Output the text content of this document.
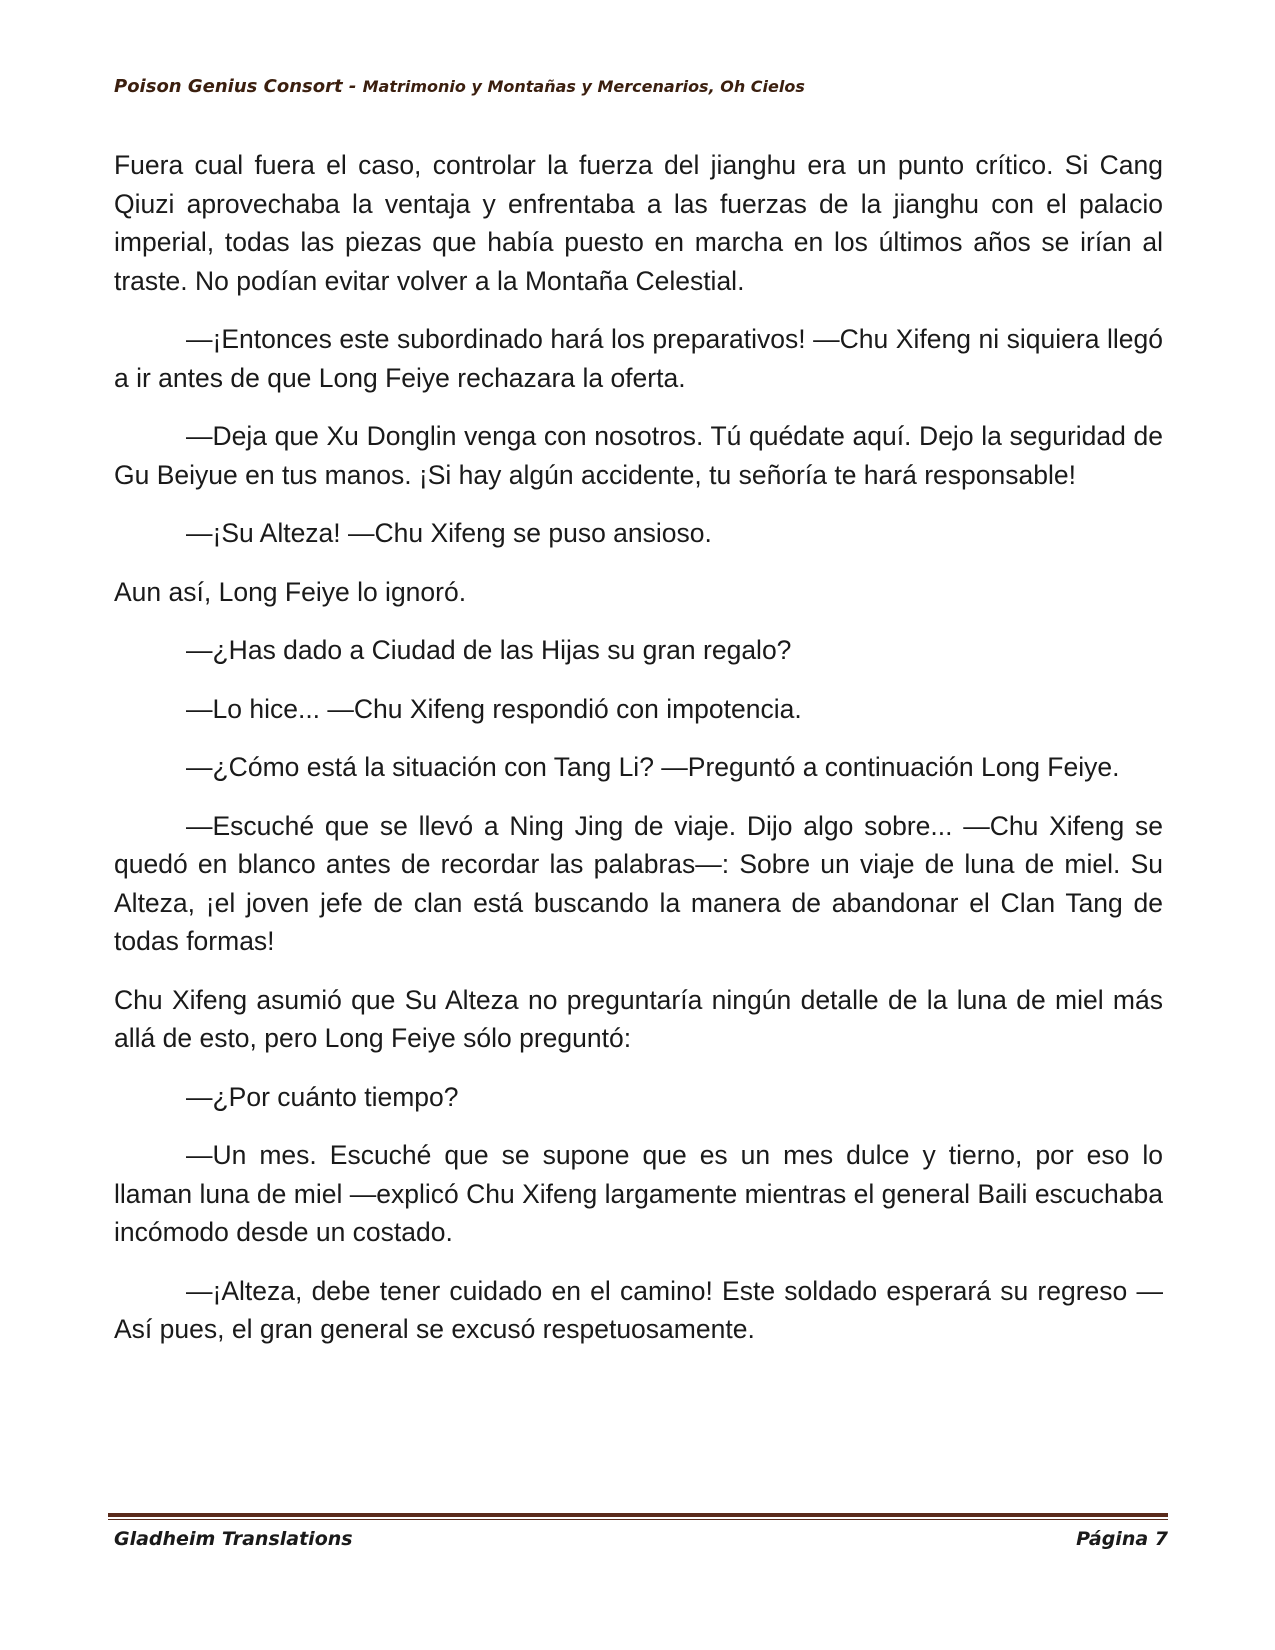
Poison Genius Consort - Matrimonio y Montañas y Mercenarios, Oh Cielos

Fuera cual fuera el caso, controlar la fuerza del jianghu era un punto crítico. Si Cang Qiuzi aprovechaba la ventaja y enfrentaba a las fuerzas de la jianghu con el palacio imperial, todas las piezas que había puesto en marcha en los últimos años se irían al traste. No podían evitar volver a la Montaña Celestial.

—¡Entonces este subordinado hará los preparativos! —Chu Xifeng ni siquiera llegó a ir antes de que Long Feiye rechazara la oferta.

—Deja que Xu Donglin venga con nosotros. Tú quédate aquí. Dejo la seguridad de Gu Beiyue en tus manos. ¡Si hay algún accidente, tu señoría te hará responsable!

—¡Su Alteza! —Chu Xifeng se puso ansioso.

Aun así, Long Feiye lo ignoró.

—¿Has dado a Ciudad de las Hijas su gran regalo?

—Lo hice... —Chu Xifeng respondió con impotencia.

—¿Cómo está la situación con Tang Li? —Preguntó a continuación Long Feiye.

—Escuché que se llevó a Ning Jing de viaje. Dijo algo sobre... —Chu Xifeng se quedó en blanco antes de recordar las palabras—: Sobre un viaje de luna de miel. Su Alteza, ¡el joven jefe de clan está buscando la manera de abandonar el Clan Tang de todas formas!

Chu Xifeng asumió que Su Alteza no preguntaría ningún detalle de la luna de miel más allá de esto, pero Long Feiye sólo preguntó:

—¿Por cuánto tiempo?

—Un mes. Escuché que se supone que es un mes dulce y tierno, por eso lo llaman luna de miel —explicó Chu Xifeng largamente mientras el general Baili escuchaba incómodo desde un costado.

—¡Alteza, debe tener cuidado en el camino! Este soldado esperará su regreso —Así pues, el gran general se excusó respetuosamente.

Gladheim Translations	Página 7
